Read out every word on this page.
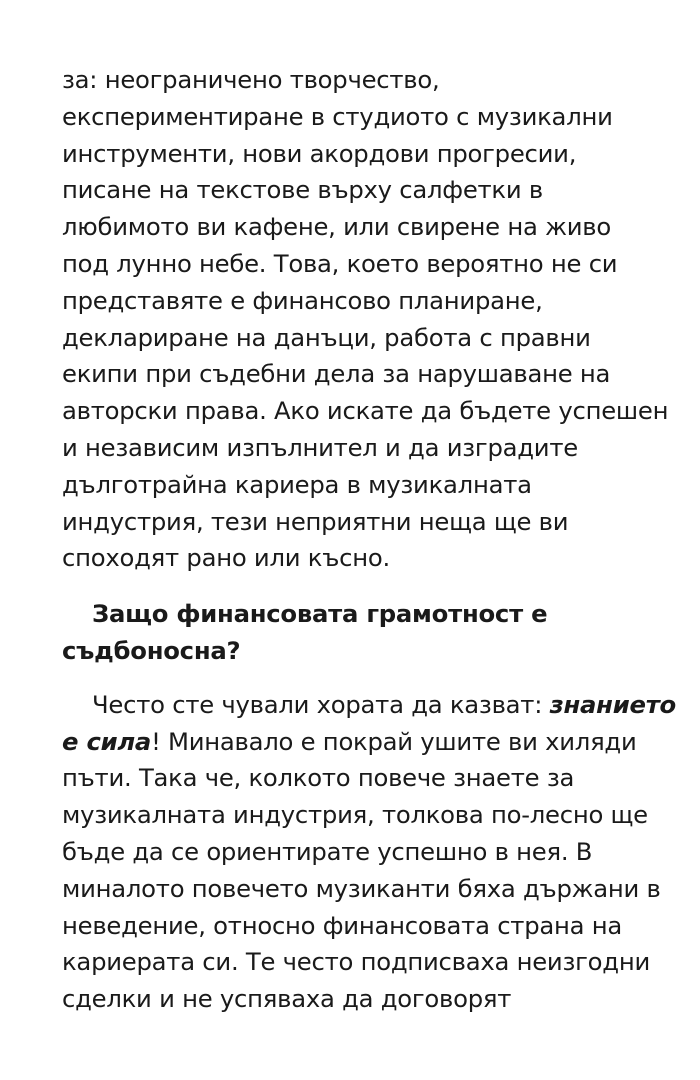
за: неограничено творчество,
експериментиране в студиото с музикални
инструменти, нови акордови прогресии,
писане на текстове върху салфетки в
любимото ви кафене, или свирене на живо
под лунно небе. Това, което вероятно не си
представяте е финансово планиране,
деклариране на данъци, работа с правни
екипи при съдебни дела за нарушаване на
авторски права. Ако искате да бъдете успешен
и независим изпълнител и да изградите
дълготрайна кариера в музикалната
индустрия, тези неприятни неща ще ви
споходят рано или късно.

Защо финансовата грамотност е
съдбоносна?

Често сте чували хората да казват: знанието
е сила! Минавало е покрай ушите ви хиляди
пъти. Така че, колкото повече знаете за
музикалната индустрия, толкова по-лесно ще
бъде да се ориентирате успешно в нея. В
миналото повечето музиканти бяха държани в
неведение, относно финансовата страна на
кариерата си. Те често подписваха неизгодни
сделки и не успяваха да договорят
